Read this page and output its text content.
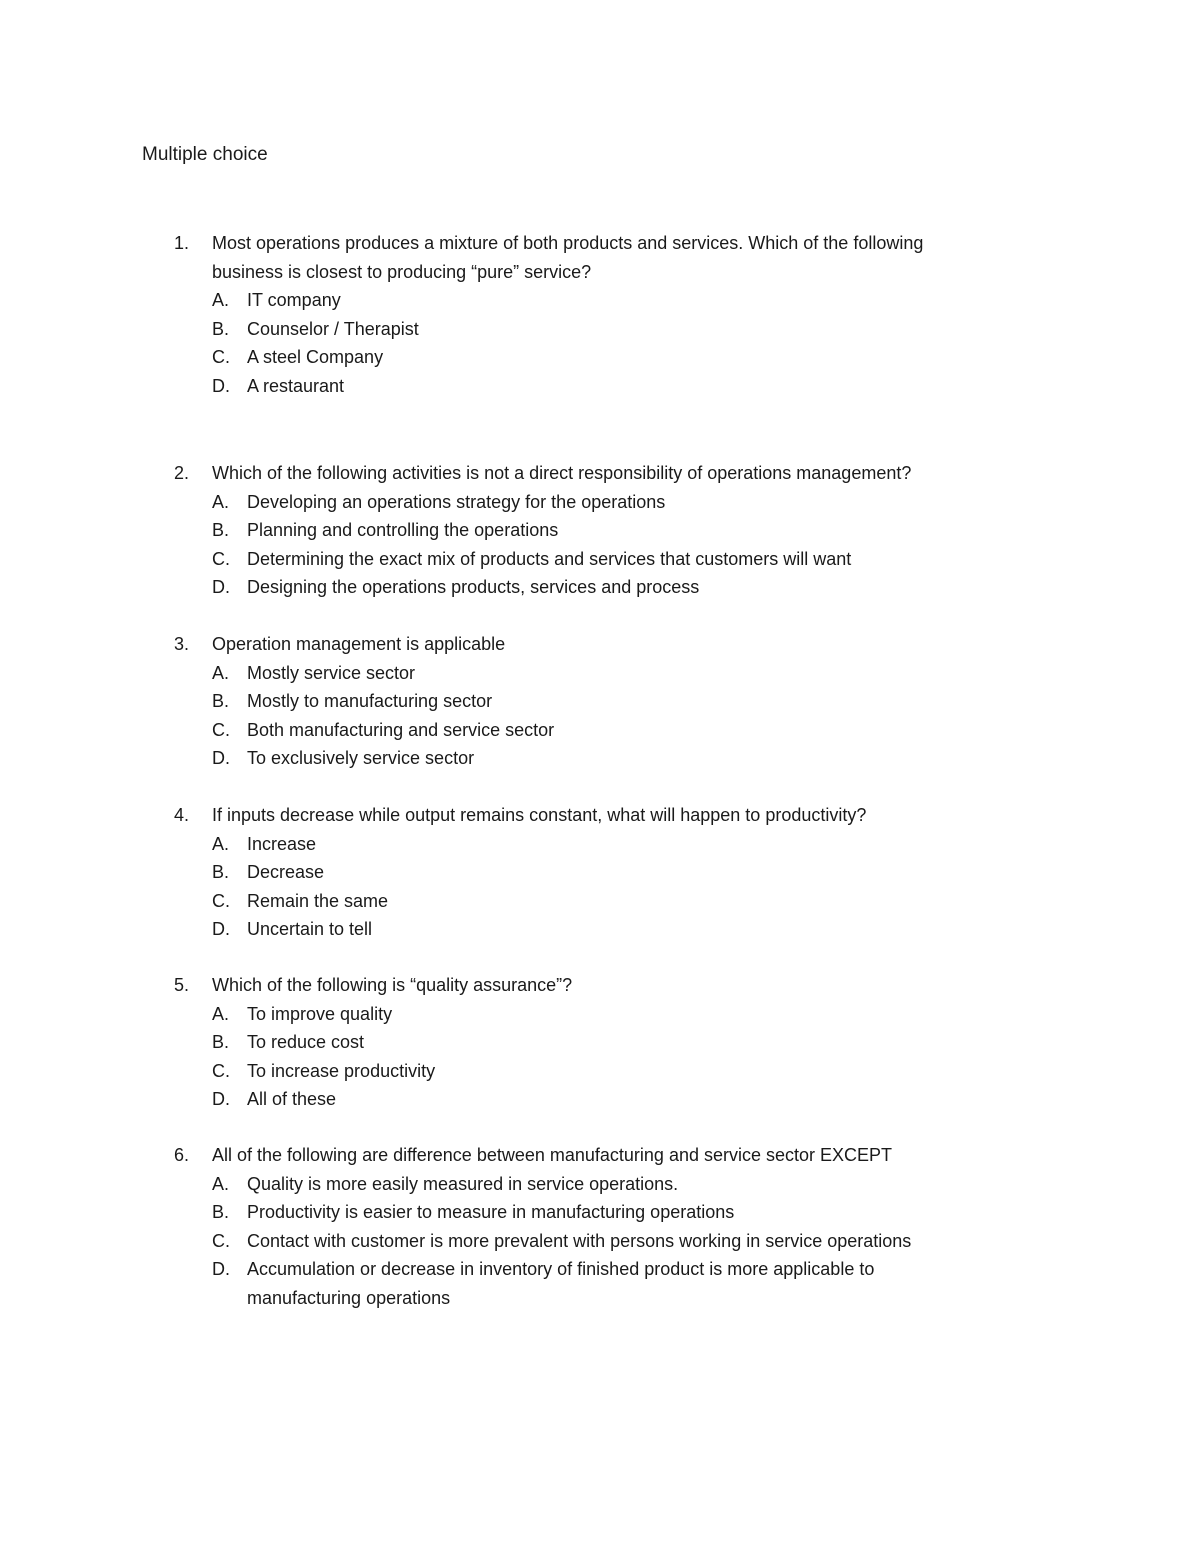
Multiple choice
1. Most operations produces a mixture of both products and services. Which of the following
business is closest to producing “pure” service?
A. IT company
B. Counselor / Therapist
C. A steel Company
D. A restaurant
2. Which of the following activities is not a direct responsibility of operations management?
A. Developing an operations strategy for the operations
B. Planning and controlling the operations
C. Determining the exact mix of products and services that customers will want
D. Designing the operations products, services and process
3. Operation management is applicable
A. Mostly service sector
B. Mostly to manufacturing sector
C. Both manufacturing and service sector
D. To exclusively service sector
4. If inputs decrease while output remains constant, what will happen to productivity?
A. Increase
B. Decrease
C. Remain the same
D. Uncertain to tell
5. Which of the following is “quality assurance”?
A. To improve quality
B. To reduce cost
C. To increase productivity
D. All of these
6. All of the following are difference between manufacturing and service sector EXCEPT
A. Quality is more easily measured in service operations.
B. Productivity is easier to measure in manufacturing operations
C. Contact with customer is more prevalent with persons working in service operations
D. Accumulation or decrease in inventory of finished product is more applicable to
manufacturing operations
